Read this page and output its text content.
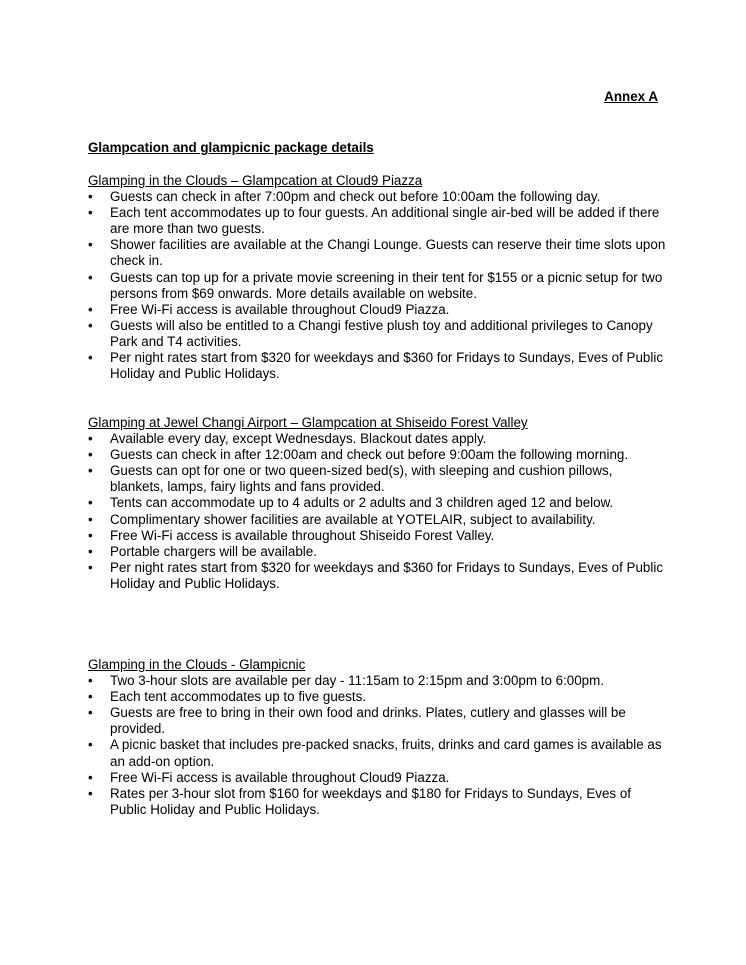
Annex A
Glampcation and glampicnic package details
Glamping in the Clouds – Glampcation at Cloud9 Piazza
•	Guests can check in after 7:00pm and check out before 10:00am the following day.
•	Each tent accommodates up to four guests. An additional single air-bed will be added if there are more than two guests.
•	Shower facilities are available at the Changi Lounge. Guests can reserve their time slots upon check in.
•	Guests can top up for a private movie screening in their tent for $155 or a picnic setup for two persons from $69 onwards. More details available on website.
•	Free Wi-Fi access is available throughout Cloud9 Piazza.
•	Guests will also be entitled to a Changi festive plush toy and additional privileges to Canopy Park and T4 activities.
•	Per night rates start from $320 for weekdays and $360 for Fridays to Sundays, Eves of Public Holiday and Public Holidays.
Glamping at Jewel Changi Airport – Glampcation at Shiseido Forest Valley
•	Available every day, except Wednesdays. Blackout dates apply.
•	Guests can check in after 12:00am and check out before 9:00am the following morning.
•	Guests can opt for one or two queen-sized bed(s), with sleeping and cushion pillows, blankets, lamps, fairy lights and fans provided.
•	Tents can accommodate up to 4 adults or 2 adults and 3 children aged 12 and below.
•	Complimentary shower facilities are available at YOTELAIR, subject to availability.
•	Free Wi-Fi access is available throughout Shiseido Forest Valley.
•	Portable chargers will be available.
•	Per night rates start from $320 for weekdays and $360 for Fridays to Sundays, Eves of Public Holiday and Public Holidays.
Glamping in the Clouds - Glampicnic
•	Two 3-hour slots are available per day - 11:15am to 2:15pm and 3:00pm to 6:00pm.
•	Each tent accommodates up to five guests.
•	Guests are free to bring in their own food and drinks. Plates, cutlery and glasses will be provided.
•	A picnic basket that includes pre-packed snacks, fruits, drinks and card games is available as an add-on option.
•	Free Wi-Fi access is available throughout Cloud9 Piazza.
•	Rates per 3-hour slot from $160 for weekdays and $180 for Fridays to Sundays, Eves of Public Holiday and Public Holidays.
